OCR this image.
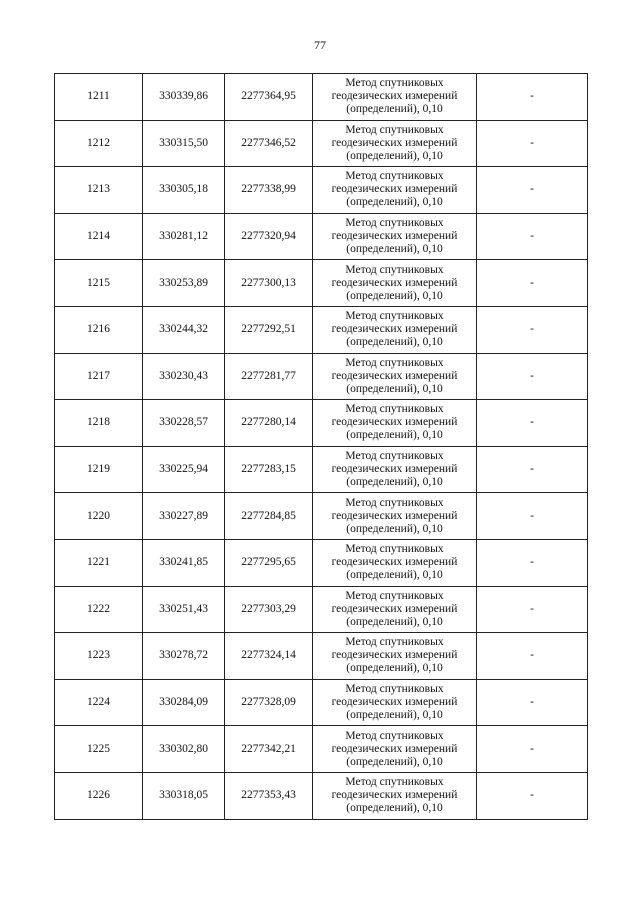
77
1211	330339,86	2277364,95	Метод спутниковых
геодезических измерений
(определений), 0,10	-
1212	330315,50	2277346,52	Метод спутниковых
геодезических измерений
(определений), 0,10	-
1213	330305,18	2277338,99	Метод спутниковых
геодезических измерений
(определений), 0,10	-
1214	330281,12	2277320,94	Метод спутниковых
геодезических измерений
(определений), 0,10	-
1215	330253,89	2277300,13	Метод спутниковых
геодезических измерений
(определений), 0,10	-
1216	330244,32	2277292,51	Метод спутниковых
геодезических измерений
(определений), 0,10	-
1217	330230,43	2277281,77	Метод спутниковых
геодезических измерений
(определений), 0,10	-
1218	330228,57	2277280,14	Метод спутниковых
геодезических измерений
(определений), 0,10	-
1219	330225,94	2277283,15	Метод спутниковых
геодезических измерений
(определений), 0,10	-
1220	330227,89	2277284,85	Метод спутниковых
геодезических измерений
(определений), 0,10	-
1221	330241,85	2277295,65	Метод спутниковых
геодезических измерений
(определений), 0,10	-
1222	330251,43	2277303,29	Метод спутниковых
геодезических измерений
(определений), 0,10	-
1223	330278,72	2277324,14	Метод спутниковых
геодезических измерений
(определений), 0,10	-
1224	330284,09	2277328,09	Метод спутниковых
геодезических измерений
(определений), 0,10	-
1225	330302,80	2277342,21	Метод спутниковых
геодезических измерений
(определений), 0,10	-
1226	330318,05	2277353,43	Метод спутниковых
геодезических измерений
(определений), 0,10	-
